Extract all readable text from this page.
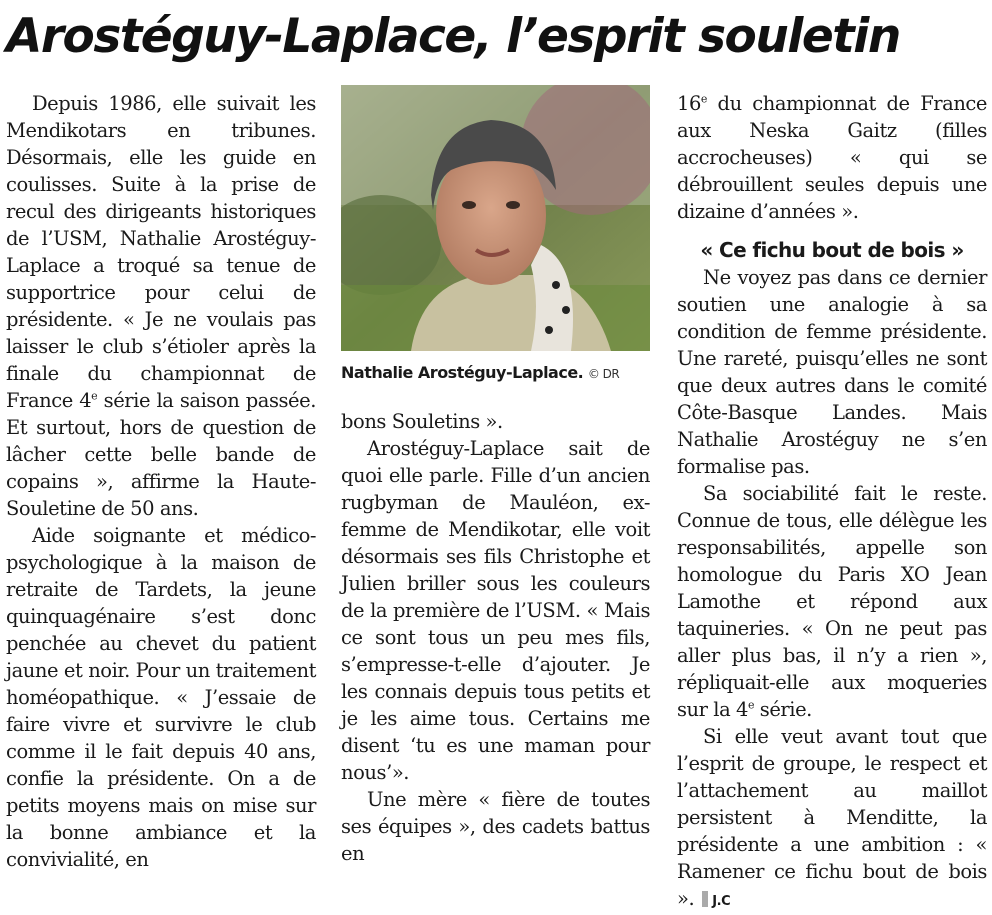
Arostéguy-Laplace, l’esprit souletin

Depuis 1986, elle suivait les Mendikotars en tribunes. Désormais, elle les guide en coulisses. Suite à la prise de recul des dirigeants historiques de l’USM, Nathalie Arostéguy-Laplace a troqué sa tenue de supportrice pour celui de présidente. « Je ne voulais pas laisser le club s’étioler après la finale du championnat de France 4e série la saison passée. Et surtout, hors de question de lâcher cette belle bande de copains », affirme la Haute-Souletine de 50 ans.

Aide soignante et médico-psychologique à la maison de retraite de Tardets, la jeune quinquagénaire s’est donc penchée au chevet du patient jaune et noir. Pour un traitement homéopathique. « J’essaie de faire vivre et survivre le club comme il le fait depuis 40 ans, confie la présidente. On a de petits moyens mais on mise sur la bonne ambiance et la convivialité, en

Nathalie Arostéguy-Laplace. © DR

bons Souletins ».

Arostéguy-Laplace sait de quoi elle parle. Fille d’un ancien rugbyman de Mauléon, ex-femme de Mendikotar, elle voit désormais ses fils Christophe et Julien briller sous les couleurs de la première de l’USM. « Mais ce sont tous un peu mes fils, s’empresse-t-elle d’ajouter. Je les connais depuis tous petits et je les aime tous. Certains me disent ‘tu es une maman pour nous’».

Une mère « fière de toutes ses équipes », des cadets battus en

16e du championnat de France aux Neska Gaitz (filles accrocheuses) « qui se débrouillent seules depuis une dizaine d’années ».

« Ce fichu bout de bois »

Ne voyez pas dans ce dernier soutien une analogie à sa condition de femme présidente. Une rareté, puisqu’elles ne sont que deux autres dans le comité Côte-Basque Landes. Mais Nathalie Arostéguy ne s’en formalise pas.

Sa sociabilité fait le reste. Connue de tous, elle délègue les responsabilités, appelle son homologue du Paris XO Jean Lamothe et répond aux taquineries. « On ne peut pas aller plus bas, il n’y a rien », répliquait-elle aux moqueries sur la 4e série.

Si elle veut avant tout que l’esprit de groupe, le respect et l’attachement au maillot persistent à Menditte, la présidente a une ambition : « Ramener ce fichu bout de bois ». J.C
